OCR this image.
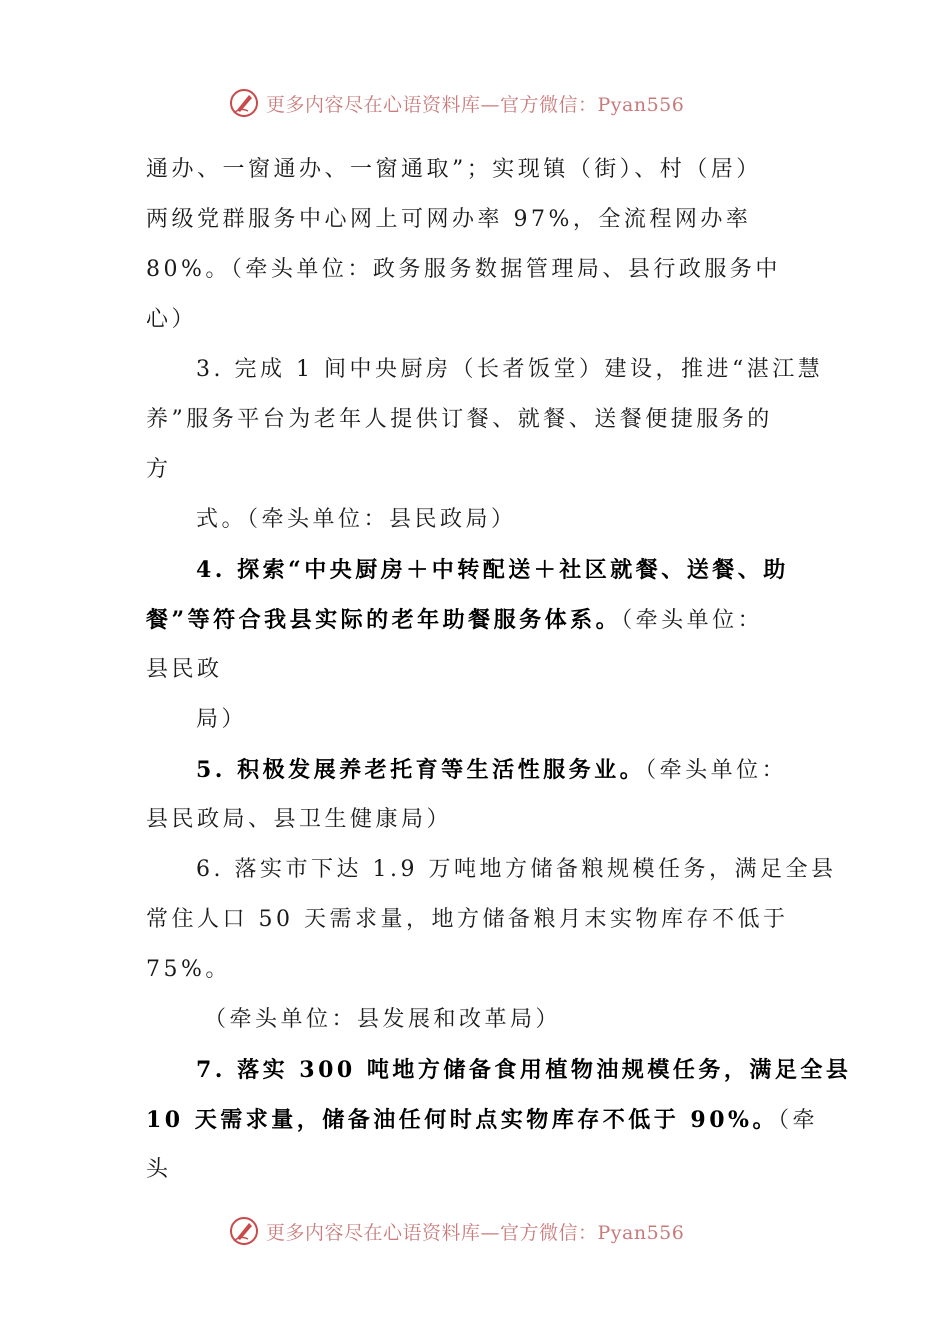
更多内容尽在心语资料库—官方微信：Pyan556
通办、一窗通办、一窗通取”；实现镇（街）、村（居）
两级党群服务中心网上可网办率 97%，全流程网办率
80%。（牵头单位：政务服务数据管理局、县行政服务中
心）
3. 完成 1 间中央厨房（长者饭堂）建设，推进“湛江慧
养”服务平台为老年人提供订餐、就餐、送餐便捷服务的
方
式。（牵头单位：县民政局）
4. 探索“中央厨房＋中转配送＋社区就餐、送餐、助
餐”等符合我县实际的老年助餐服务体系。（牵头单位：
县民政
局）
5. 积极发展养老托育等生活性服务业。（牵头单位：
县民政局、县卫生健康局）
6. 落实市下达 1.9 万吨地方储备粮规模任务，满足全县
常住人口 50 天需求量，地方储备粮月末实物库存不低于
75%。
（牵头单位：县发展和改革局）
7. 落实 300 吨地方储备食用植物油规模任务，满足全县
10 天需求量，储备油任何时点实物库存不低于 90%。（牵
头
更多内容尽在心语资料库—官方微信：Pyan556
